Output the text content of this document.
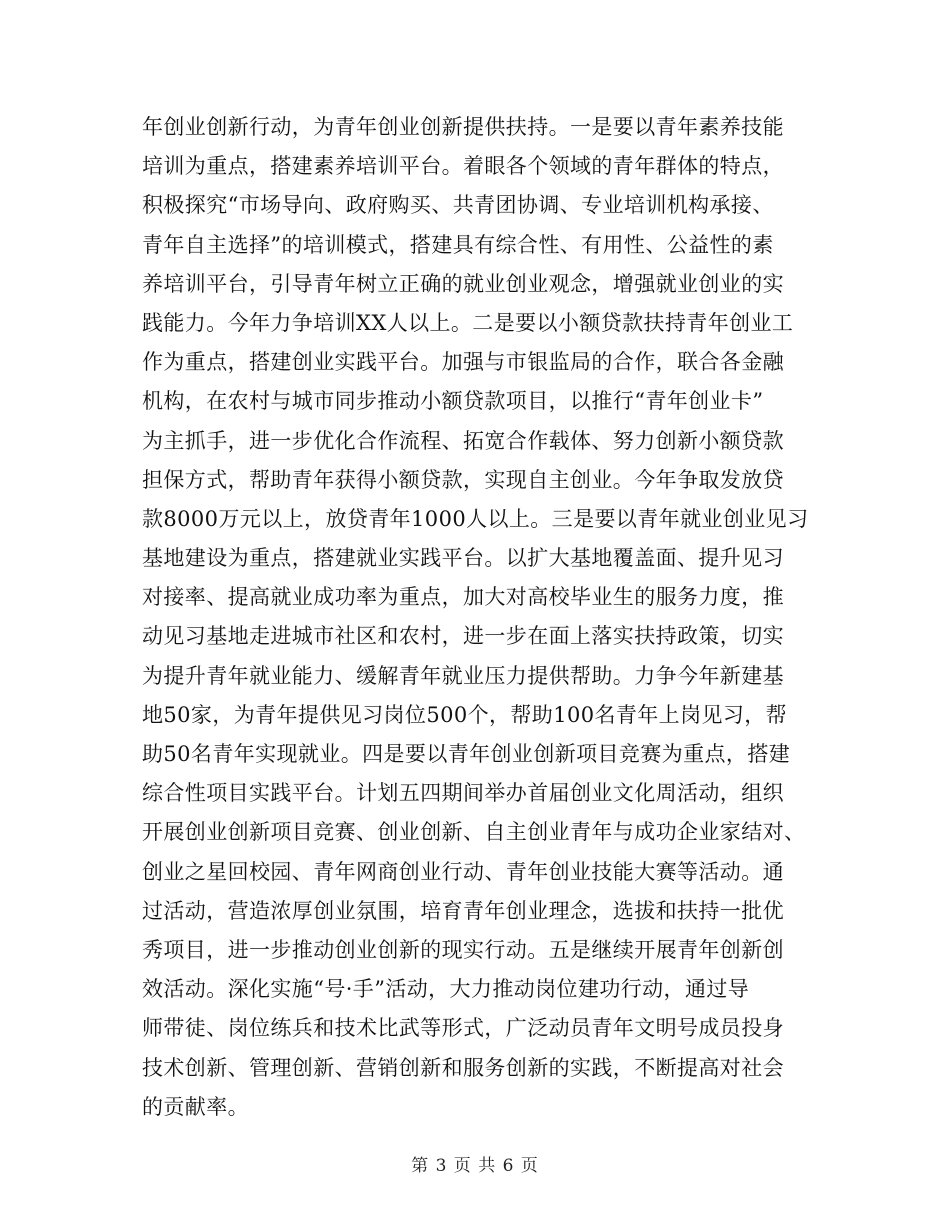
年创业创新行动，为青年创业创新提供扶持。一是要以青年素养技能
培训为重点，搭建素养培训平台。着眼各个领域的青年群体的特点，
积极探究“市场导向、政府购买、共青团协调、专业培训机构承接、
青年自主选择”的培训模式，搭建具有综合性、有用性、公益性的素
养培训平台，引导青年树立正确的就业创业观念，增强就业创业的实
践能力。今年力争培训XX人以上。二是要以小额贷款扶持青年创业工
作为重点，搭建创业实践平台。加强与市银监局的合作，联合各金融
机构，在农村与城市同步推动小额贷款项目，以推行“青年创业卡”
为主抓手，进一步优化合作流程、拓宽合作载体、努力创新小额贷款
担保方式，帮助青年获得小额贷款，实现自主创业。今年争取发放贷
款8000万元以上，放贷青年1000人以上。三是要以青年就业创业见习
基地建设为重点，搭建就业实践平台。以扩大基地覆盖面、提升见习
对接率、提高就业成功率为重点，加大对高校毕业生的服务力度，推
动见习基地走进城市社区和农村，进一步在面上落实扶持政策，切实
为提升青年就业能力、缓解青年就业压力提供帮助。力争今年新建基
地50家，为青年提供见习岗位500个，帮助100名青年上岗见习，帮
助50名青年实现就业。四是要以青年创业创新项目竞赛为重点，搭建
综合性项目实践平台。计划五四期间举办首届创业文化周活动，组织
开展创业创新项目竞赛、创业创新、自主创业青年与成功企业家结对、
创业之星回校园、青年网商创业行动、青年创业技能大赛等活动。通
过活动，营造浓厚创业氛围，培育青年创业理念，选拔和扶持一批优
秀项目，进一步推动创业创新的现实行动。五是继续开展青年创新创
效活动。深化实施“号·手”活动，大力推动岗位建功行动，通过导
师带徒、岗位练兵和技术比武等形式，广泛动员青年文明号成员投身
技术创新、管理创新、营销创新和服务创新的实践，不断提高对社会
的贡献率。
第 3 页 共 6 页
